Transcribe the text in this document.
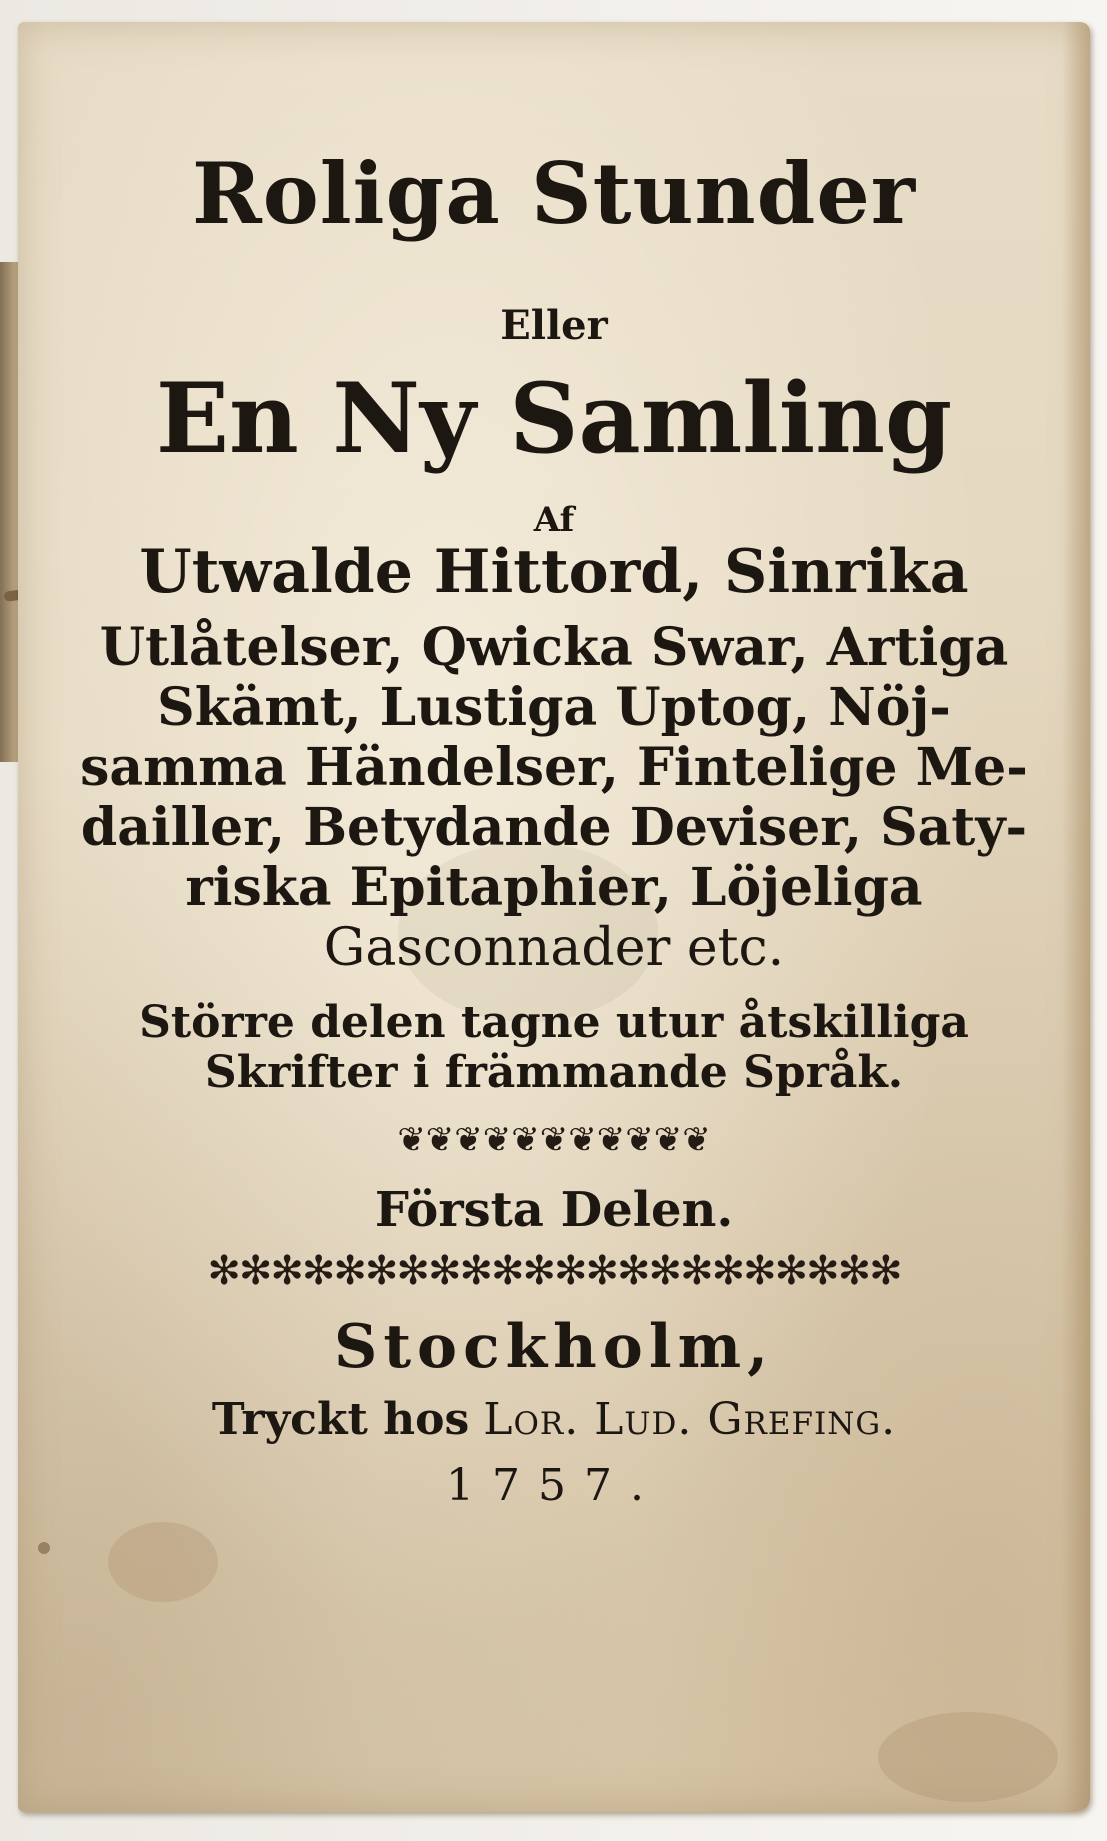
Roliga Stunder
Eller
En Ny Samling
Af
Utwalde Hittord, Sinrika
Utlåtelser, Qwicka Swar, Artiga
Skämt, Lustiga Uptog, Nöj-
samma Händelser, Fintelige Me-
dailler, Betydande Deviser, Saty-
riska Epitaphier, Löjeliga
Gasconnader etc.
Större delen tagne utur åtskilliga
Skrifter i främmande Språk.
❦❦❦❦❦❦❦❦❦❦❦
Första Delen.
✻✻✻✻✻✻✻✻✻✻✻✻✻✻✻✻✻✻✻✻✻✻
Stockholm,
Tryckt hos Lor. Lud. Grefing.
1757.
